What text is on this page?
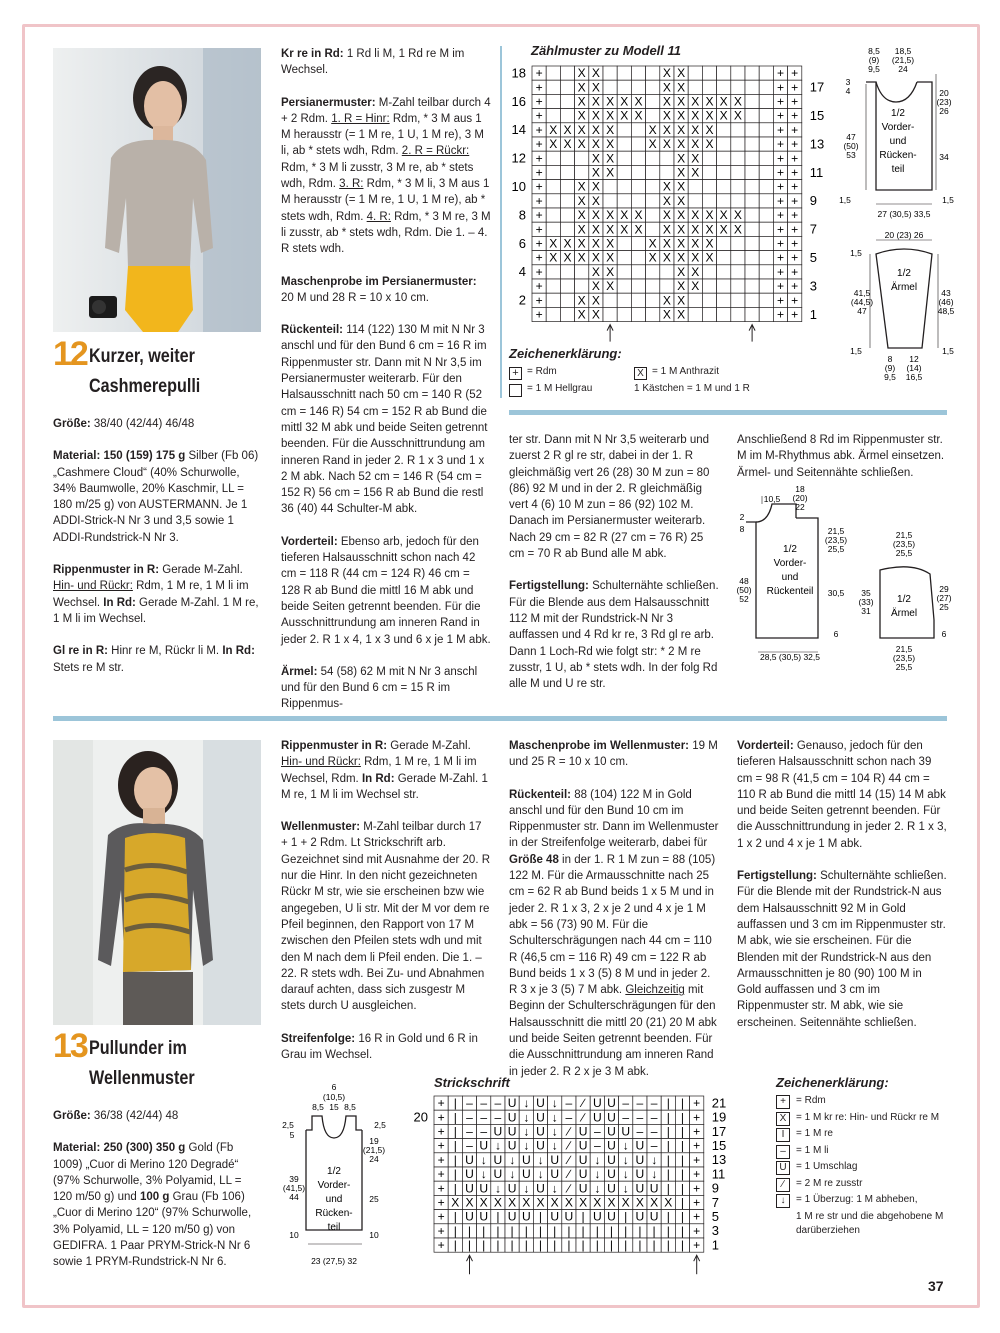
12 Kurzer, weiter
Cashmerepulli

Größe: 38/40 (42/44) 46/48

Material: 150 (159) 175 g Silber (Fb 06) „Cashmere Cloud“ (40% Schurwolle, 34% Baumwolle, 20% Kaschmir, LL = 180 m/25 g) von AUSTERMANN. Je 1 ADDI-Strick-N Nr 3 und 3,5 sowie 1 ADDI-Rundstrick-N Nr 3.

Rippenmuster in R: Gerade M-Zahl. Hin- und Rückr: Rdm, 1 M re, 1 M li im Wechsel. In Rd: Gerade M-Zahl. 1 M re, 1 M li im Wechsel.

Gl re in R: Hinr re M, Rückr li M. In Rd: Stets re M str.

Kr re in Rd: 1 Rd li M, 1 Rd re M im Wechsel.

Persianermuster: M-Zahl teilbar durch 4 + 2 Rdm. 1. R = Hinr: Rdm, * 3 M aus 1 M herausstr (= 1 M re, 1 U, 1 M re), 3 M li, ab * stets wdh, Rdm. 2. R = Rückr: Rdm, * 3 M li zusstr, 3 M re, ab * stets wdh, Rdm. 3. R: Rdm, * 3 M li, 3 M aus 1 M herausstr (= 1 M re, 1 U, 1 M re), ab * stets wdh, Rdm. 4. R: Rdm, * 3 M re, 3 M li zusstr, ab * stets wdh, Rdm. Die 1. – 4. R stets wdh.

Maschenprobe im Persianermuster: 20 M und 28 R = 10 x 10 cm.

Rückenteil: 114 (122) 130 M mit N Nr 3 anschl und für den Bund 6 cm = 16 R im Rippenmuster str. Dann mit N Nr 3,5 im Persianermuster weiterarb. Für den Halsausschnitt nach 50 cm = 140 R (52 cm = 146 R) 54 cm = 152 R ab Bund die mittl 32 M abk und beide Seiten getrennt beenden. Für die Ausschnittrundung am inneren Rand in jeder 2. R 1 x 3 und 1 x 2 M abk. Nach 52 cm = 146 R (54 cm = 152 R) 56 cm = 156 R ab Bund die restl 36 (40) 44 Schulter-M abk.

Vorderteil: Ebenso arb, jedoch für den tieferen Halsausschnitt schon nach 42 cm = 118 R (44 cm = 124 R) 46 cm = 128 R ab Bund die mittl 16 M abk und beide Seiten getrennt beenden. Für die Ausschnittrundung am inneren Rand in jeder 2. R 1 x 4, 1 x 3 und 6 x je 1 M abk.

Ärmel: 54 (58) 62 M mit N Nr 3 anschl und für den Bund 6 cm = 15 R im Rippenmus-

ter str. Dann mit N Nr 3,5 weiterarb und zuerst 2 R gl re str, dabei in der 1. R gleichmäßig vert 26 (28) 30 M zun = 80 (86) 92 M und in der 2. R gleichmäßig vert 4 (6) 10 M zun = 86 (92) 102 M. Danach im Persianermuster weiterarb. Nach 29 cm = 82 R (27 cm = 76 R) 25 cm = 70 R ab Bund alle M abk.

Fertigstellung: Schulternähte schließen. Für die Blende aus dem Halsausschnitt 112 M mit der Rundstrick-N Nr 3 auffassen und 4 Rd kr re, 3 Rd gl re arb. Dann 1 Loch-Rd wie folgt str: * 2 M re zusstr, 1 U, ab * stets wdh. In der folg Rd alle M und U re str.

Anschließend 8 Rd im Rippenmuster str. M im M-Rhythmus abk. Ärmel einsetzen. Ärmel- und Seitennähte schließen.

Zählmuster zu Modell 11
+	X X	X X	+ +
+	X X	X X	+ +
+	X X X X X X X X X X X	+ +
+	X X X X X X X X X X X	+ +
+ X X X X X	X X X X X	+ +
+ X X X X X	X X X X X	+ +
+	X X	X X	+ +
+	X X	X X	+ +
+	X X	X X	+ +
+	X X	X X	+ +
+	X X X X X X X X X X X	+ +
+	X X X X X X X X X X X	+ +
+ X X X X X	X X X X X	+ +
+ X X X X X	X X X X X	+ +
+	X X	X X	+ +
+	X X	X X	+ +
+	X X	X X	+ +
+	X X	X X	+ +
2
4
6
8
10
12
14
16
18
1
3
5
7
9
11
13
15
17
Zeichenerklärung:
+ = Rdm	X = 1 M Anthrazit
= 1 M Hellgrau	1 Kästchen = 1 M und 1 R
1/2
Vorder-
und
Rücken-
teil
8,5
(9)
9,5
18,5
(21,5)
24
3
4
47
(50)
53
20
(23)
26
34
27 (30,5) 33,5
1,5	1,5
1/2
Ärmel
20 (23) 26
1,5
41,5
(44,5)
47
43
(46)
48,5
1,5	1,5
8
(9)
9,5
12
(14)
16,5
1/2
Vorder-
und
Rückenteil
10,5
18
(20)
22
2
8
48
(50)
52
21,5
(23,5)
25,5
30,5
6
28,5 (30,5) 32,5
1/2
Ärmel
21,5
(23,5)
25,5
35
(33)
31
29
(27)
25
6
21,5
(23,5)
25,5
13 Pullunder im
Wellenmuster

Größe: 36/38 (42/44) 48

Material: 250 (300) 350 g Gold (Fb 1009) „Cuor di Merino 120 Degradé“ (97% Schurwolle, 3% Polyamid, LL = 120 m/50 g) und 100 g Grau (Fb 106) „Cuor di Merino 120“ (97% Schurwolle, 3% Polyamid, LL = 120 m/50 g) von GEDIFRA. 1 Paar PRYM-Strick-N Nr 6 sowie 1 PRYM-Rundstrick-N Nr 6.

Rippenmuster in R: Gerade M-Zahl. Hin- und Rückr: Rdm, 1 M re, 1 M li im Wechsel, Rdm. In Rd: Gerade M-Zahl. 1 M re, 1 M li im Wechsel str.

Wellenmuster: M-Zahl teilbar durch 17 + 1 + 2 Rdm. Lt Strickschrift arb. Gezeichnet sind mit Ausnahme der 20. R nur die Hinr. In den nicht gezeichneten Rückr M str, wie sie erscheinen bzw wie angegeben, U li str. Mit der M vor dem re Pfeil beginnen, den Rapport von 17 M zwischen den Pfeilen stets wdh und mit den M nach dem li Pfeil enden. Die 1. – 22. R stets wdh. Bei Zu- und Abnahmen darauf achten, dass sich zusgestr M stets durch U ausgleichen.

Streifenfolge: 16 R in Gold und 6 R in Grau im Wechsel.

Maschenprobe im Wellenmuster: 19 M und 25 R = 10 x 10 cm.

Rückenteil: 88 (104) 122 M in Gold anschl und für den Bund 10 cm im Rippenmuster str. Dann im Wellenmuster in der Streifenfolge weiterarb, dabei für Größe 48 in der 1. R 1 M zun = 88 (105) 122 M. Für die Armausschnitte nach 25 cm = 62 R ab Bund beids 1 x 5 M und in jeder 2. R 1 x 3, 2 x je 2 und 4 x je 1 M abk = 56 (73) 90 M. Für die Schulterschrägungen nach 44 cm = 110 R (46,5 cm = 116 R) 49 cm = 122 R ab Bund beids 1 x 3 (5) 8 M und in jeder 2. R 3 x je 3 (5) 7 M abk. Gleichzeitig mit Beginn der Schulterschrägungen für den Halsausschnitt die mittl 20 (21) 20 M abk und beide Seiten getrennt beenden. Für die Ausschnittrundung am inneren Rand in jeder 2. R 2 x je 3 M abk.

Vorderteil: Genauso, jedoch für den tieferen Halsausschnitt schon nach 39 cm = 98 R (41,5 cm = 104 R) 44 cm = 110 R ab Bund die mittl 14 (15) 14 M abk und beide Seiten getrennt beenden. Für die Ausschnittrundung in jeder 2. R 1 x 3, 1 x 2 und 4 x je 1 M abk.

Fertigstellung: Schulternähte schließen. Für die Blende mit der Rundstrick-N aus dem Halsausschnitt 92 M in Gold auffassen und 3 cm im Rippenmuster str. M abk, wie sie erscheinen. Für die Blenden mit der Rundstrick-N aus den Armausschnitten je 80 (90) 100 M in Gold auffassen und 3 cm im Rippenmuster str. M abk, wie sie erscheinen. Seitennähte schließen.

1/2
Vorder-
und
Rücken-
teil
6
(10,5)
8,5 15 8,5
2,5
5
2,5
19
(21,5)
24
39
(41,5)
44	25
10	10
23 (27,5) 32
Strickschrift
+ | – – – U ↓ U ↓ – ∕ U U – – – | | +
+ | – – – U ↓ U ↓ – ∕ U U – – – | | +
+ | – – U U ↓ U ↓ ∕ U – U U – – | | +
+ | – U ↓ U ↓ U ↓ ∕ U – U ↓ U – | | +
+ | U ↓ U ↓ U ↓ U ∕ U ↓ U ↓ U ↓ | | +
+ | U ↓ U ↓ U ↓ U ∕ U ↓ U ↓ U ↓ | | +
+ | U U ↓ U ↓ U ↓ ∕ U ↓ U ↓ U U | | +
+ X X X X X X X X X X X X X X X X | +
+ | U U | U U | U U | U U | U U | | +
+ | | | | | | | | | | | | | | | | | +
+ | | | | | | | | | | | | | | | | | +
20
1
3
5
7
9
11
13
15
17
19
21
Zeichenerklärung:
+	= Rdm
X = 1 M kr re: Hin- und Rückr re M
I	= 1 M re
–	= 1 M li
U = 1 Umschlag
∕	= 2 M re zusstr
↓	= 1 Überzug: 1 M abheben,
1 M re str und die abgehobene M darüberziehen
37
